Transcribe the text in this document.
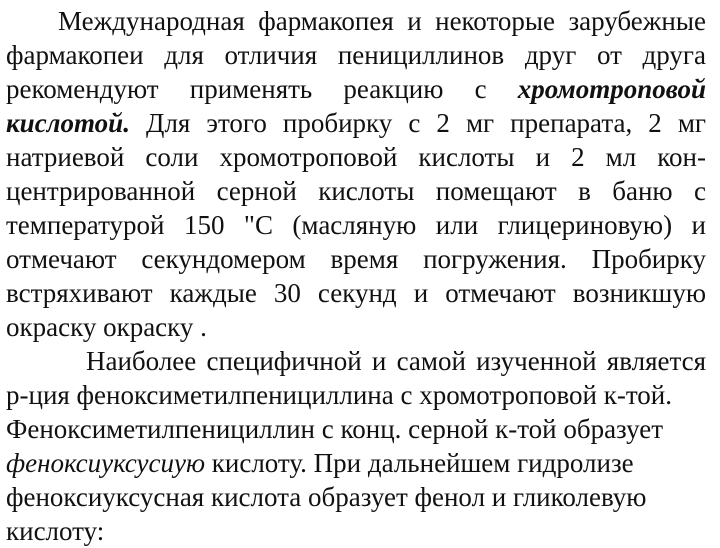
Международная фармакопея и некоторые зарубежные
фармакопеи для отличия пенициллинов друг от друга
рекомендуют применять реакцию с хромотроповой
кислотой. Для этого пробирку с 2 мг препарата, 2 мг
натриевой соли хромотроповой кислоты и 2 мл кон-
центрированной серной кислоты помещают в баню с
температурой 150 "С (масляную или глицериновую) и
отмечают секундомером время погружения. Пробирку
встряхивают каждые 30 секунд и отмечают возникшую
окраску окраску .
Наиболее специфичной и самой изученной является
р-ция феноксиметилпенициллина с хромотроповой к-той.
Феноксиметилпенициллин с конц. серной к-той образует
феноксиуксусиую кислоту. При дальнейшем гидролизе
феноксиуксусная кислота образует фенол и гликолевую
кислоту:
